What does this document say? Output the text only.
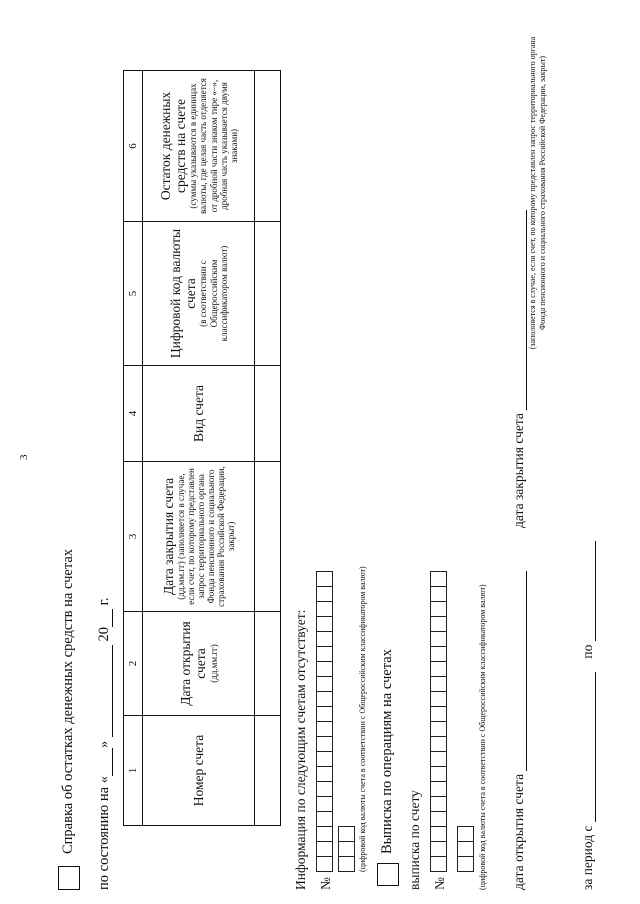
3
Справка об остатках денежных средств на счетах по состоянию на «»  20 г.
1	2	3	4	5	6

Номер счета	Дата открытия счета (дд.мм.гг)	Дата закрытия счета (дд.мм.гг) (заполняется в случае, если счет, по которому представлен запрос территориального органа Фонда пенсионного и социального страхования Российской Федерации, закрыт)	Вид счета	Цифровой код валюты счета (в соответствии с Общероссийским классификатором валют)	Остаток денежных средств на счете (суммы указываются в единицах валюты, где целая часть отделяется от дробной части знаком тире «–», дробная часть указывается двумя знаками)

Информация по следующим счетам отсутствует: №
(цифровой код валюты счета в соответствии с Общероссийским классификатором валют) Выписка по операциям на счетах выписка по счету №	(цифровой код валюты счета в соответствии с Общероссийским классификатором валют) дата открытия счета
дата закрытия счета
(заполняется в случае, если счет, по которому представлен запрос территориального органа Фонда пенсионного и социального страхования Российской Федерации, закрыт)
за период с     по
